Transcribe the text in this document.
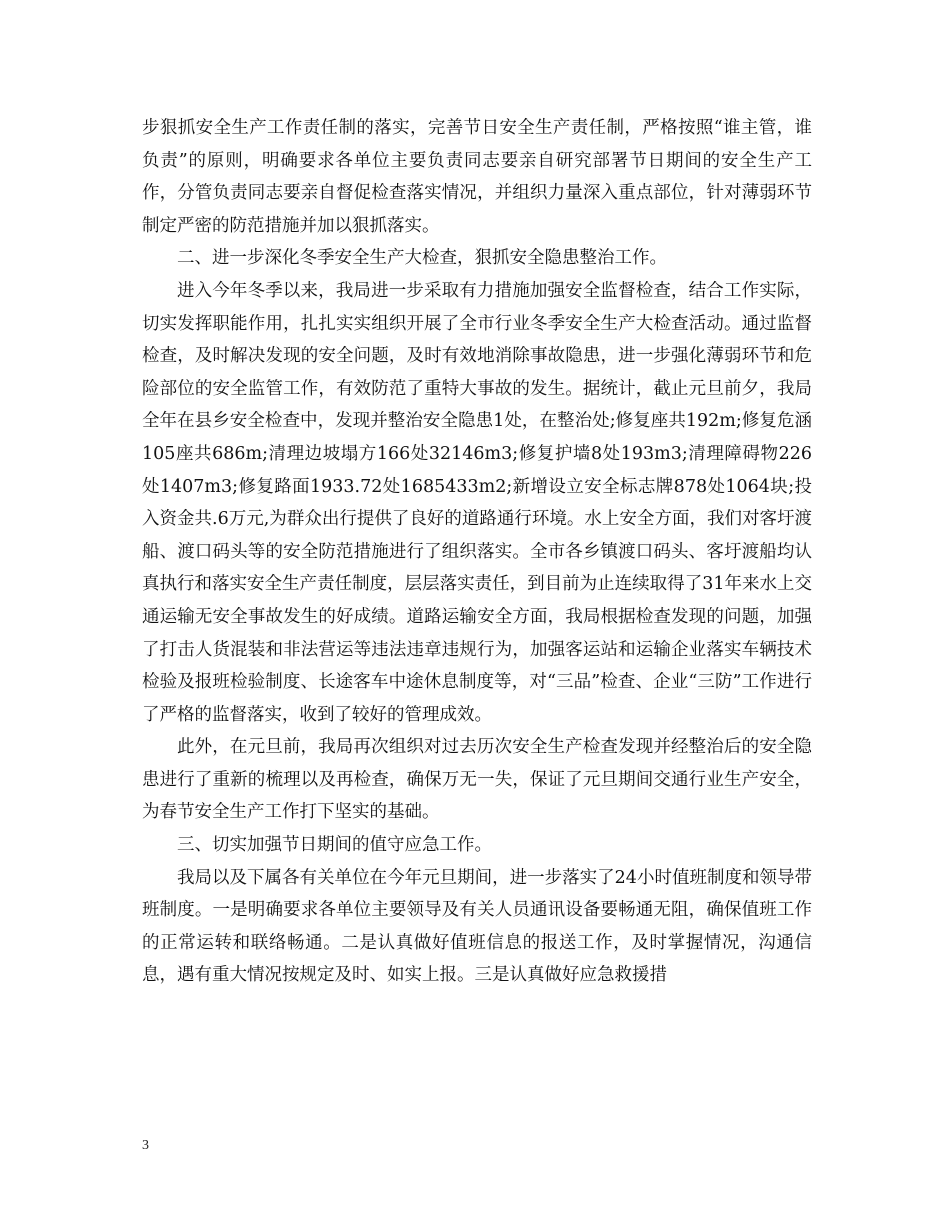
步狠抓安全生产工作责任制的落实，完善节日安全生产责任制，严格按照“谁主管，谁负责”的原则，明确要求各单位主要负责同志要亲自研究部署节日期间的安全生产工作，分管负责同志要亲自督促检查落实情况，并组织力量深入重点部位，针对薄弱环节制定严密的防范措施并加以狠抓落实。

二、进一步深化冬季安全生产大检查，狠抓安全隐患整治工作。

进入今年冬季以来，我局进一步采取有力措施加强安全监督检查，结合工作实际，切实发挥职能作用，扎扎实实组织开展了全市行业冬季安全生产大检查活动。通过监督检查，及时解决发现的安全问题，及时有效地消除事故隐患，进一步强化薄弱环节和危险部位的安全监管工作，有效防范了重特大事故的发生。据统计，截止元旦前夕，我局全年在县乡安全检查中，发现并整治安全隐患1处，在整治处;修复座共192m;修复危涵105座共686m;清理边坡塌方166处32146m3;修复护墙8处193m3;清理障碍物226处1407m3;修复路面1933.72处1685433m2;新增设立安全标志牌878处1064块;投入资金共.6万元,为群众出行提供了良好的道路通行环境。水上安全方面，我们对客圩渡船、渡口码头等的安全防范措施进行了组织落实。全市各乡镇渡口码头、客圩渡船均认真执行和落实安全生产责任制度，层层落实责任，到目前为止连续取得了31年来水上交通运输无安全事故发生的好成绩。道路运输安全方面，我局根据检查发现的问题，加强了打击人货混装和非法营运等违法违章违规行为，加强客运站和运输企业落实车辆技术检验及报班检验制度、长途客车中途休息制度等，对“三品”检查、企业“三防”工作进行了严格的监督落实，收到了较好的管理成效。

此外，在元旦前，我局再次组织对过去历次安全生产检查发现并经整治后的安全隐患进行了重新的梳理以及再检查，确保万无一失，保证了元旦期间交通行业生产安全，为春节安全生产工作打下坚实的基础。

三、切实加强节日期间的值守应急工作。

我局以及下属各有关单位在今年元旦期间，进一步落实了24小时值班制度和领导带班制度。一是明确要求各单位主要领导及有关人员通讯设备要畅通无阻，确保值班工作的正常运转和联络畅通。二是认真做好值班信息的报送工作，及时掌握情况，沟通信息，遇有重大情况按规定及时、如实上报。三是认真做好应急救援措

3
